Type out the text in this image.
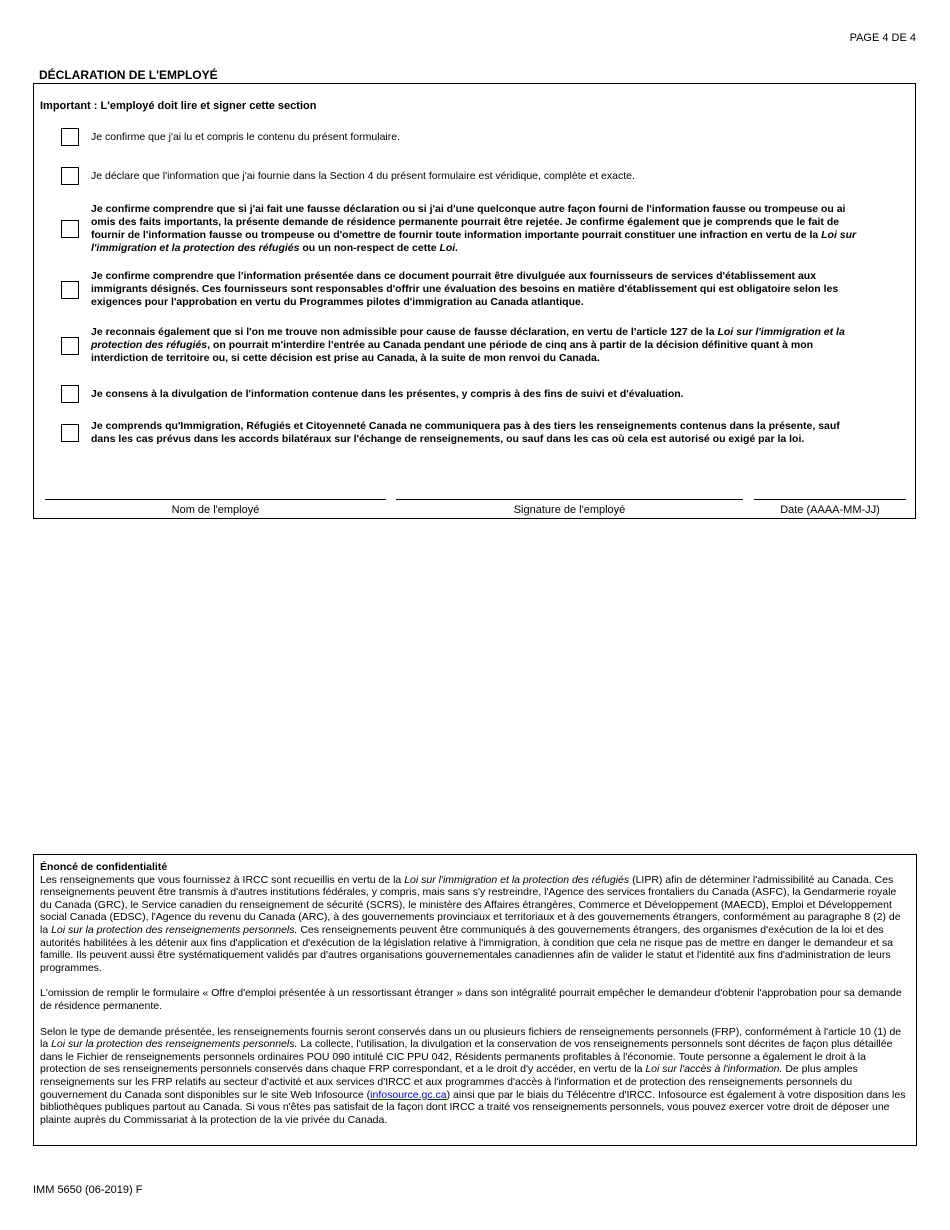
PAGE 4 DE 4
DÉCLARATION DE L'EMPLOYÉ
Important : L'employé doit lire et signer cette section
Je confirme que j'ai lu et compris le contenu du présent formulaire.
Je déclare que l'information que j'ai fournie dans la Section 4 du présent formulaire est véridique, complète et exacte.
Je confirme comprendre que si j'ai fait une fausse déclaration ou si j'ai d'une quelconque autre façon fourni de l'information fausse ou trompeuse ou ai omis des faits importants, la présente demande de résidence permanente pourrait être rejetée. Je confirme également que je comprends que le fait de fournir de l'information fausse ou trompeuse ou d'omettre de fournir toute information importante pourrait constituer une infraction en vertu de la Loi sur l'immigration et la protection des réfugiés ou un non-respect de cette Loi.
Je confirme comprendre que l'information présentée dans ce document pourrait être divulguée aux fournisseurs de services d'établissement aux immigrants désignés. Ces fournisseurs sont responsables d'offrir une évaluation des besoins en matière d'établissement qui est obligatoire selon les exigences pour l'approbation en vertu du Programmes pilotes d'immigration au Canada atlantique.
Je reconnais également que si l'on me trouve non admissible pour cause de fausse déclaration, en vertu de l'article 127 de la Loi sur l'immigration et la protection des réfugiés, on pourrait m'interdire l'entrée au Canada pendant une période de cinq ans à partir de la décision définitive quant à mon interdiction de territoire ou, si cette décision est prise au Canada, à la suite de mon renvoi du Canada.
Je consens à la divulgation de l'information contenue dans les présentes, y compris à des fins de suivi et d'évaluation.
Je comprends qu'Immigration, Réfugiés et Citoyenneté Canada ne communiquera pas à des tiers les renseignements contenus dans la présente, sauf dans les cas prévus dans les accords bilatéraux sur l'échange de renseignements, ou sauf dans les cas où cela est autorisé ou exigé par la loi.
Nom de l'employé	Signature de l'employé	Date (AAAA-MM-JJ)
Énoncé de confidentialité

Les renseignements que vous fournissez à IRCC sont recueillis en vertu de la Loi sur l'immigration et la protection des réfugiés (LIPR) afin de déterminer l'admissibilité au Canada. Ces renseignements peuvent être transmis à d'autres institutions fédérales, y compris, mais sans s'y restreindre, l'Agence des services frontaliers du Canada (ASFC), la Gendarmerie royale du Canada (GRC), le Service canadien du renseignement de sécurité (SCRS), le ministère des Affaires étrangères, Commerce et Développement (MAECD), Emploi et Développement social Canada (EDSC), l'Agence du revenu du Canada (ARC), à des gouvernements provinciaux et territoriaux et à des gouvernements étrangers, conformément au paragraphe 8 (2) de la Loi sur la protection des renseignements personnels. Ces renseignements peuvent être communiqués à des gouvernements étrangers, des organismes d'exécution de la loi et des autorités habilitées à les détenir aux fins d'application et d'exécution de la législation relative à l'immigration, à condition que cela ne risque pas de mettre en danger le demandeur et sa famille. Ils peuvent aussi être systématiquement validés par d'autres organisations gouvernementales canadiennes afin de valider le statut et l'identité aux fins d'administration de leurs programmes.

L'omission de remplir le formulaire « Offre d'emploi présentée à un ressortissant étranger » dans son intégralité pourrait empêcher le demandeur d'obtenir l'approbation pour sa demande de résidence permanente.

Selon le type de demande présentée, les renseignements fournis seront conservés dans un ou plusieurs fichiers de renseignements personnels (FRP), conformément à l'article 10 (1) de la Loi sur la protection des renseignements personnels. La collecte, l'utilisation, la divulgation et la conservation de vos renseignements personnels sont décrites de façon plus détaillée dans le Fichier de renseignements personnels ordinaires POU 090 intitulé CIC PPU 042, Résidents permanents profitables à l'économie. Toute personne a également le droit à la protection de ses renseignements personnels conservés dans chaque FRP correspondant, et a le droit d'y accéder, en vertu de la Loi sur l'accès à l'information. De plus amples renseignements sur les FRP relatifs au secteur d'activité et aux services d'IRCC et aux programmes d'accès à l'information et de protection des renseignements personnels du gouvernement du Canada sont disponibles sur le site Web Infosource (infosource.gc.ca) ainsi que par le biais du Télécentre d'IRCC. Infosource est également à votre disposition dans les bibliothèques publiques partout au Canada. Si vous n'êtes pas satisfait de la façon dont IRCC a traité vos renseignements personnels, vous pouvez exercer votre droit de déposer une plainte auprès du Commissariat à la protection de la vie privée du Canada.

IMM 5650 (06-2019) F
